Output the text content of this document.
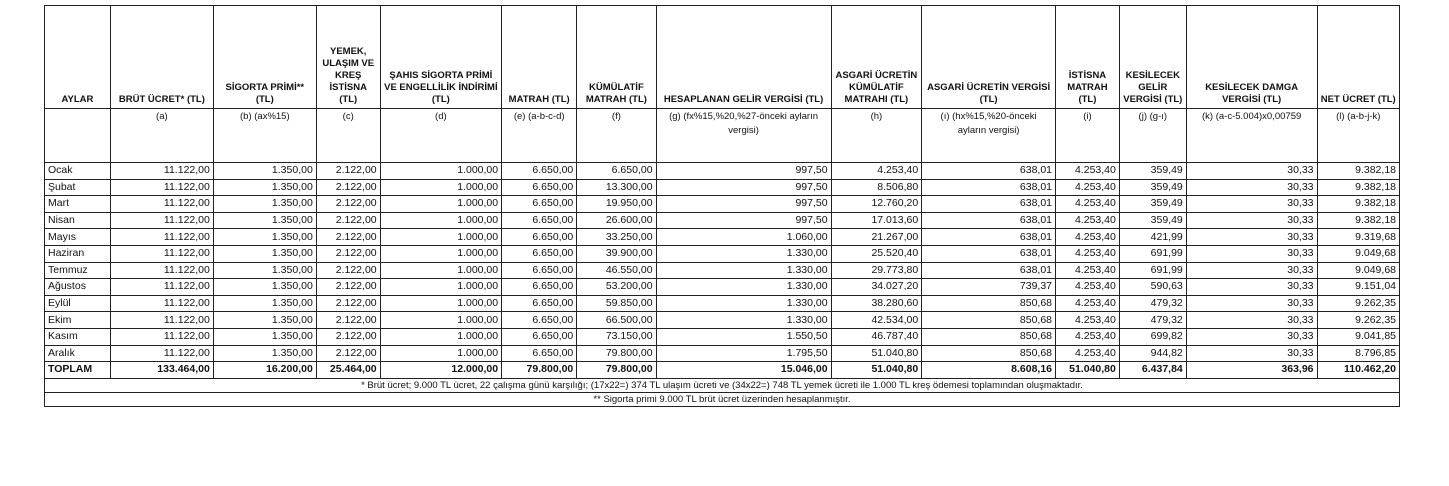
AYLAR	BRÜT ÜCRET* (TL)	SİGORTA PRİMİ** (TL)	YEMEK, ULAŞIM VE KREŞ İSTİSNA (TL)	ŞAHIS SİGORTA PRİMİ VE ENGELLİLİK İNDİRİMİ (TL)	MATRAH (TL)	KÜMÜLATİF MATRAH (TL)	HESAPLANAN GELİR VERGİSİ (TL)	ASGARİ ÜCRETİN KÜMÜLATİF MATRAHI (TL)	ASGARİ ÜCRETİN VERGİSİ (TL)	İSTİSNA MATRAH (TL)	KESİLECEK GELİR VERGİSİ (TL)	KESİLECEK DAMGA VERGİSİ (TL)	NET ÜCRET (TL)
	(a)	(b) (ax%15)	(c)	(d)	(e) (a-b-c-d)	(f)	(g) (fx%15,%20,%27-önceki ayların vergisi)	(h)	(ı) (hx%15,%20-önceki ayların vergisi)	(i)	(j) (g-ı)	(k) (a-c-5.004)x0,00759	(l) (a-b-j-k)
Ocak	11.122,00	1.350,00	2.122,00	1.000,00	6.650,00	6.650,00	997,50	4.253,40	638,01	4.253,40	359,49	30,33	9.382,18
Şubat	11.122,00	1.350,00	2.122,00	1.000,00	6.650,00	13.300,00	997,50	8.506,80	638,01	4.253,40	359,49	30,33	9.382,18
Mart	11.122,00	1.350,00	2.122,00	1.000,00	6.650,00	19.950,00	997,50	12.760,20	638,01	4.253,40	359,49	30,33	9.382,18
Nisan	11.122,00	1.350,00	2.122,00	1.000,00	6.650,00	26.600,00	997,50	17.013,60	638,01	4.253,40	359,49	30,33	9.382,18
Mayıs	11.122,00	1.350,00	2.122,00	1.000,00	6.650,00	33.250,00	1.060,00	21.267,00	638,01	4.253,40	421,99	30,33	9.319,68
Haziran	11.122,00	1.350,00	2.122,00	1.000,00	6.650,00	39.900,00	1.330,00	25.520,40	638,01	4.253,40	691,99	30,33	9.049,68
Temmuz	11.122,00	1.350,00	2.122,00	1.000,00	6.650,00	46.550,00	1.330,00	29.773,80	638,01	4.253,40	691,99	30,33	9.049,68
Ağustos	11.122,00	1.350,00	2.122,00	1.000,00	6.650,00	53.200,00	1.330,00	34.027,20	739,37	4.253,40	590,63	30,33	9.151,04
Eylül	11.122,00	1.350,00	2.122,00	1.000,00	6.650,00	59.850,00	1.330,00	38.280,60	850,68	4.253,40	479,32	30,33	9.262,35
Ekim	11.122,00	1.350,00	2.122,00	1.000,00	6.650,00	66.500,00	1.330,00	42.534,00	850,68	4.253,40	479,32	30,33	9.262,35
Kasım	11.122,00	1.350,00	2.122,00	1.000,00	6.650,00	73.150,00	1.550,50	46.787,40	850,68	4.253,40	699,82	30,33	9.041,85
Aralık	11.122,00	1.350,00	2.122,00	1.000,00	6.650,00	79.800,00	1.795,50	51.040,80	850,68	4.253,40	944,82	30,33	8.796,85
TOPLAM	133.464,00	16.200,00	25.464,00	12.000,00	79.800,00	79.800,00	15.046,00	51.040,80	8.608,16	51.040,80	6.437,84	363,96	110.462,20
* Brüt ücret; 9.000 TL ücret, 22 çalışma günü karşılığı; (17x22=) 374 TL ulaşım ücreti ve (34x22=) 748 TL yemek ücreti ile 1.000 TL kreş ödemesi toplamından oluşmaktadır.													
** Sigorta primi 9.000 TL brüt ücret üzerinden hesaplanmıştır.													
